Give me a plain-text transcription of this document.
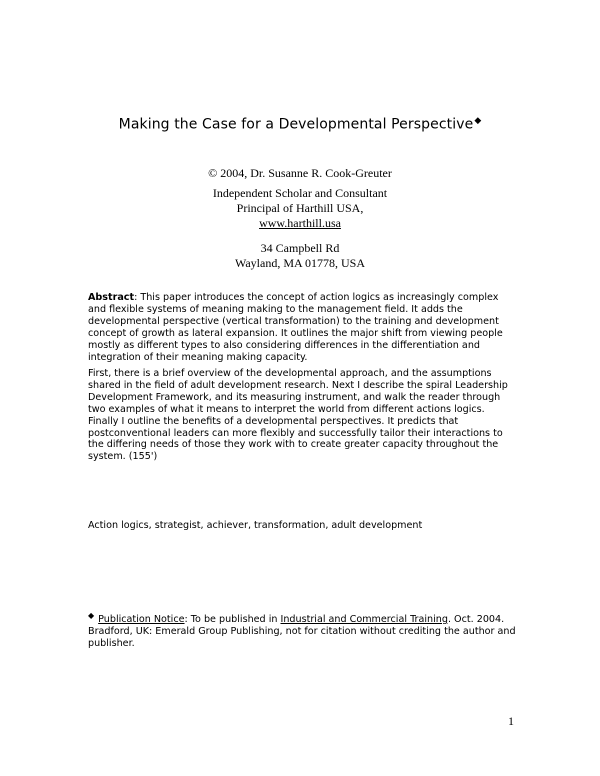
Making the Case for a Developmental Perspective◆
© 2004, Dr. Susanne R. Cook-Greuter
Independent Scholar and Consultant
Principal of Harthill USA,
www.harthill.usa
34 Campbell Rd
Wayland, MA 01778, USA
Abstract: This paper introduces the concept of action logics as increasingly complex and flexible systems of meaning making to the management field. It adds the developmental perspective (vertical transformation) to the training and development concept of growth as lateral expansion. It outlines the major shift from viewing people mostly as different types to also considering differences in the differentiation and integration of their meaning making capacity.
First, there is a brief overview of the developmental approach, and the assumptions shared in the field of adult development research. Next I describe the spiral Leadership Development Framework, and its measuring instrument, and walk the reader through two examples of what it means to interpret the world from different actions logics. Finally I outline the benefits of a developmental perspectives. It predicts that postconventional leaders can more flexibly and successfully tailor their interactions to the differing needs of those they work with to create greater capacity throughout the system. (155')
Action logics, strategist, achiever, transformation, adult development
◆ Publication Notice: To be published in Industrial and Commercial Training. Oct. 2004. Bradford, UK: Emerald Group Publishing, not for citation without crediting the author and publisher.
1
